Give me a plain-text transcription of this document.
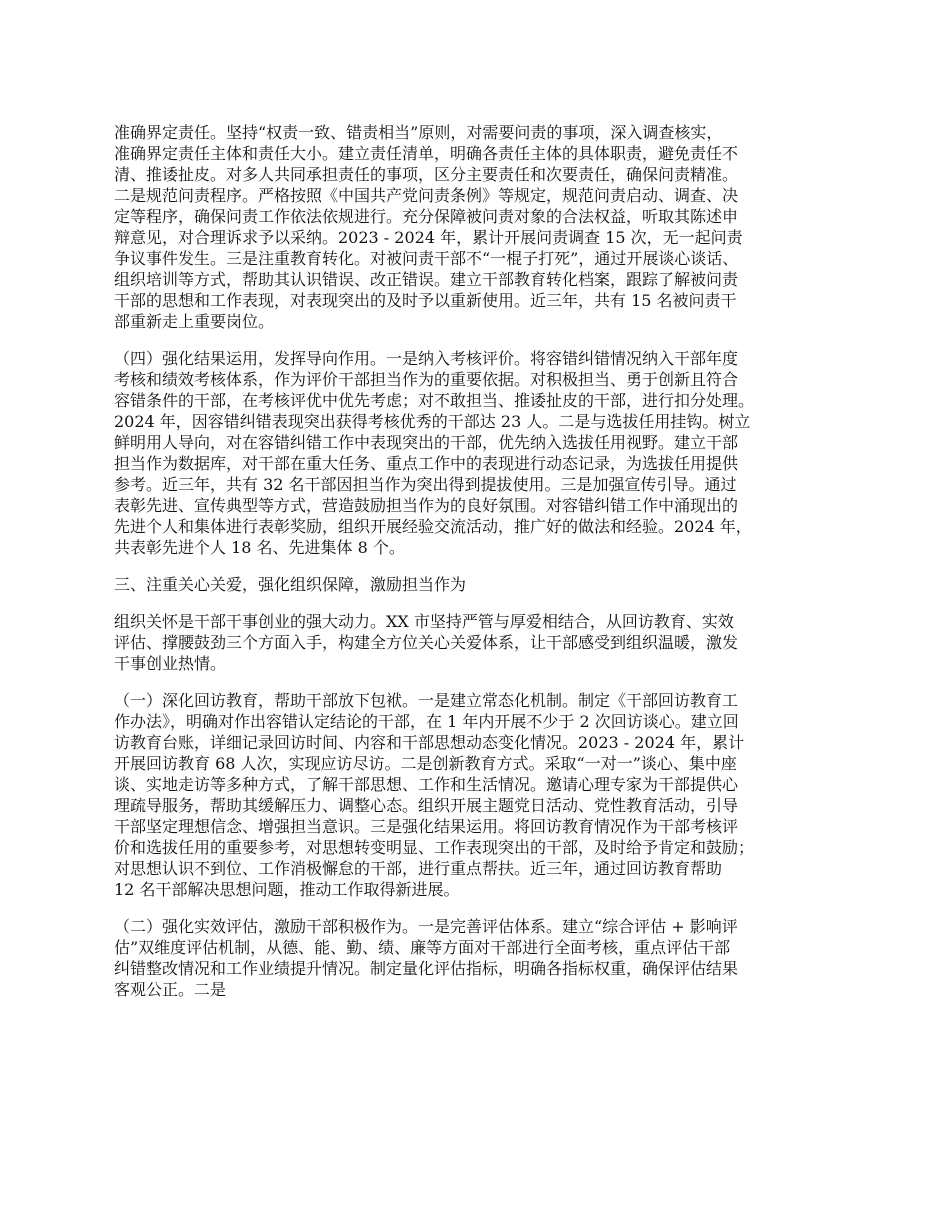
准确界定责任。坚持“权责一致、错责相当”原则，对需要问责的事项，深入调查核实，
准确界定责任主体和责任大小。建立责任清单，明确各责任主体的具体职责，避免责任不
清、推诿扯皮。对多人共同承担责任的事项，区分主要责任和次要责任，确保问责精准。
二是规范问责程序。严格按照《中国共产党问责条例》等规定，规范问责启动、调查、决
定等程序，确保问责工作依法依规进行。充分保障被问责对象的合法权益，听取其陈述申
辩意见，对合理诉求予以采纳。2023 - 2024 年，累计开展问责调查 15 次，无一起问责
争议事件发生。三是注重教育转化。对被问责干部不“一棍子打死”，通过开展谈心谈话、
组织培训等方式，帮助其认识错误、改正错误。建立干部教育转化档案，跟踪了解被问责
干部的思想和工作表现，对表现突出的及时予以重新使用。近三年，共有 15 名被问责干
部重新走上重要岗位。
（四）强化结果运用，发挥导向作用。一是纳入考核评价。将容错纠错情况纳入干部年度
考核和绩效考核体系，作为评价干部担当作为的重要依据。对积极担当、勇于创新且符合
容错条件的干部，在考核评优中优先考虑；对不敢担当、推诿扯皮的干部，进行扣分处理。
2024 年，因容错纠错表现突出获得考核优秀的干部达 23 人。二是与选拔任用挂钩。树立
鲜明用人导向，对在容错纠错工作中表现突出的干部，优先纳入选拔任用视野。建立干部
担当作为数据库，对干部在重大任务、重点工作中的表现进行动态记录，为选拔任用提供
参考。近三年，共有 32 名干部因担当作为突出得到提拔使用。三是加强宣传引导。通过
表彰先进、宣传典型等方式，营造鼓励担当作为的良好氛围。对容错纠错工作中涌现出的
先进个人和集体进行表彰奖励，组织开展经验交流活动，推广好的做法和经验。2024 年，
共表彰先进个人 18 名、先进集体 8 个。
三、注重关心关爱，强化组织保障，激励担当作为
组织关怀是干部干事创业的强大动力。XX 市坚持严管与厚爱相结合，从回访教育、实效
评估、撑腰鼓劲三个方面入手，构建全方位关心关爱体系，让干部感受到组织温暖，激发
干事创业热情。
（一）深化回访教育，帮助干部放下包袱。一是建立常态化机制。制定《干部回访教育工
作办法》，明确对作出容错认定结论的干部，在 1 年内开展不少于 2 次回访谈心。建立回
访教育台账，详细记录回访时间、内容和干部思想动态变化情况。2023 - 2024 年，累计
开展回访教育 68 人次，实现应访尽访。二是创新教育方式。采取“一对一”谈心、集中座
谈、实地走访等多种方式，了解干部思想、工作和生活情况。邀请心理专家为干部提供心
理疏导服务，帮助其缓解压力、调整心态。组织开展主题党日活动、党性教育活动，引导
干部坚定理想信念、增强担当意识。三是强化结果运用。将回访教育情况作为干部考核评
价和选拔任用的重要参考，对思想转变明显、工作表现突出的干部，及时给予肯定和鼓励；
对思想认识不到位、工作消极懈怠的干部，进行重点帮扶。近三年，通过回访教育帮助
12 名干部解决思想问题，推动工作取得新进展。
（二）强化实效评估，激励干部积极作为。一是完善评估体系。建立“综合评估 + 影响评
估”双维度评估机制，从德、能、勤、绩、廉等方面对干部进行全面考核，重点评估干部
纠错整改情况和工作业绩提升情况。制定量化评估指标，明确各指标权重，确保评估结果
客观公正。二是
